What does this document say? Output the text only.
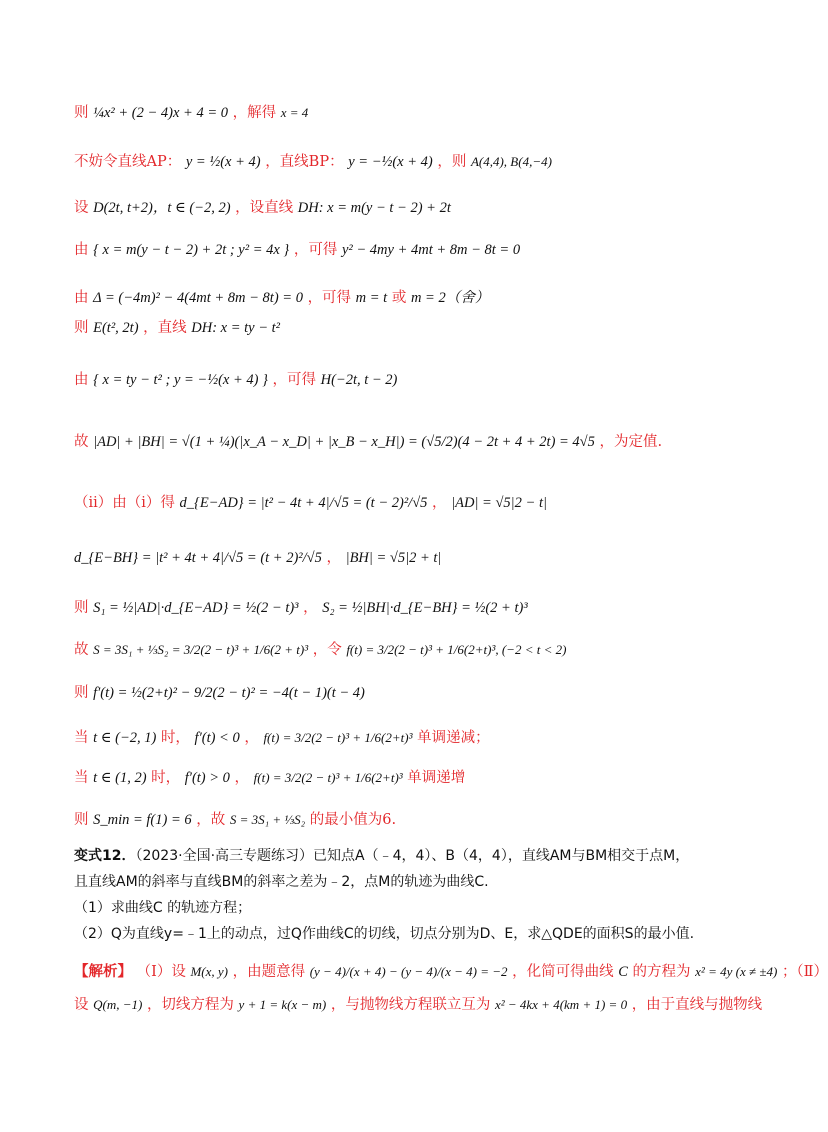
则 ¼x² + (2 − 4)x + 4 = 0 ，解得 x = 4
不妨令直线AP： y = ½(x + 4) ，直线BP： y = −½(x + 4) ，则 A(4,4), B(4,−4)
设 D(2t, t+2)，t ∈ (−2, 2) ，设直线 DH: x = m(y − t − 2) + 2t
由 { x = m(y − t − 2) + 2t ; y² = 4x } ，可得 y² − 4my + 4mt + 8m − 8t = 0
由 Δ = (−4m)² − 4(4mt + 8m − 8t) = 0 ，可得 m = t 或 m = 2（舍）
则 E(t², 2t) ，直线 DH: x = ty − t²
由 { x = ty − t² ; y = −½(x + 4) } ，可得 H(−2t, t − 2)
故 |AD| + |BH| = √(1 + ¼)(|x_A − x_D| + |x_B − x_H|) = (√5/2)(4 − 2t + 4 + 2t) = 4√5 ，为定值.
（ii）由（i）得 d_{E−AD} = |t² − 4t + 4|/√5 = (t − 2)²/√5 ， |AD| = √5|2 − t|
d_{E−BH} = |t² + 4t + 4|/√5 = (t + 2)²/√5 ， |BH| = √5|2 + t|
则 S₁ = ½|AD|·d_{E−AD} = ½(2 − t)³ ， S₂ = ½|BH|·d_{E−BH} = ½(2 + t)³
故 S = 3S₁ + ⅓S₂ = 3/2(2 − t)³ + 1/6(2 + t)³ ，令 f(t) = 3/2(2 − t)³ + 1/6(2+t)³, (−2 < t < 2)
则 f′(t) = ½(2+t)² − 9/2(2 − t)² = −4(t − 1)(t − 4)
当 t ∈ (−2, 1) 时， f′(t) < 0 ， f(t) = 3/2(2 − t)³ + 1/6(2+t)³ 单调递减；
当 t ∈ (1, 2) 时， f′(t) > 0 ， f(t) = 3/2(2 − t)³ + 1/6(2+t)³ 单调递增
则 S_min = f(1) = 6 ，故 S = 3S₁ + ⅓S₂ 的最小值为6.
变式12．（2023·全国·高三专题练习）已知点A（﹣4，4）、B（4，4），直线AM与BM相交于点M，
且直线AM的斜率与直线BM的斜率之差为﹣2，点M的轨迹为曲线C.
（1）求曲线C 的轨迹方程；
（2）Q为直线y=﹣1上的动点，过Q作曲线C的切线，切点分别为D、E，求△QDE的面积S的最小值.
【解析】 （Ⅰ）设 M(x, y) ，由题意得 (y − 4)/(x + 4) − (y − 4)/(x − 4) = −2 ，化简可得曲线 C 的方程为 x² = 4y (x ≠ ±4) ；（Ⅱ）
设 Q(m, −1) ，切线方程为 y + 1 = k(x − m) ，与抛物线方程联立互为 x² − 4kx + 4(km + 1) = 0 ，由于直线与抛物线
